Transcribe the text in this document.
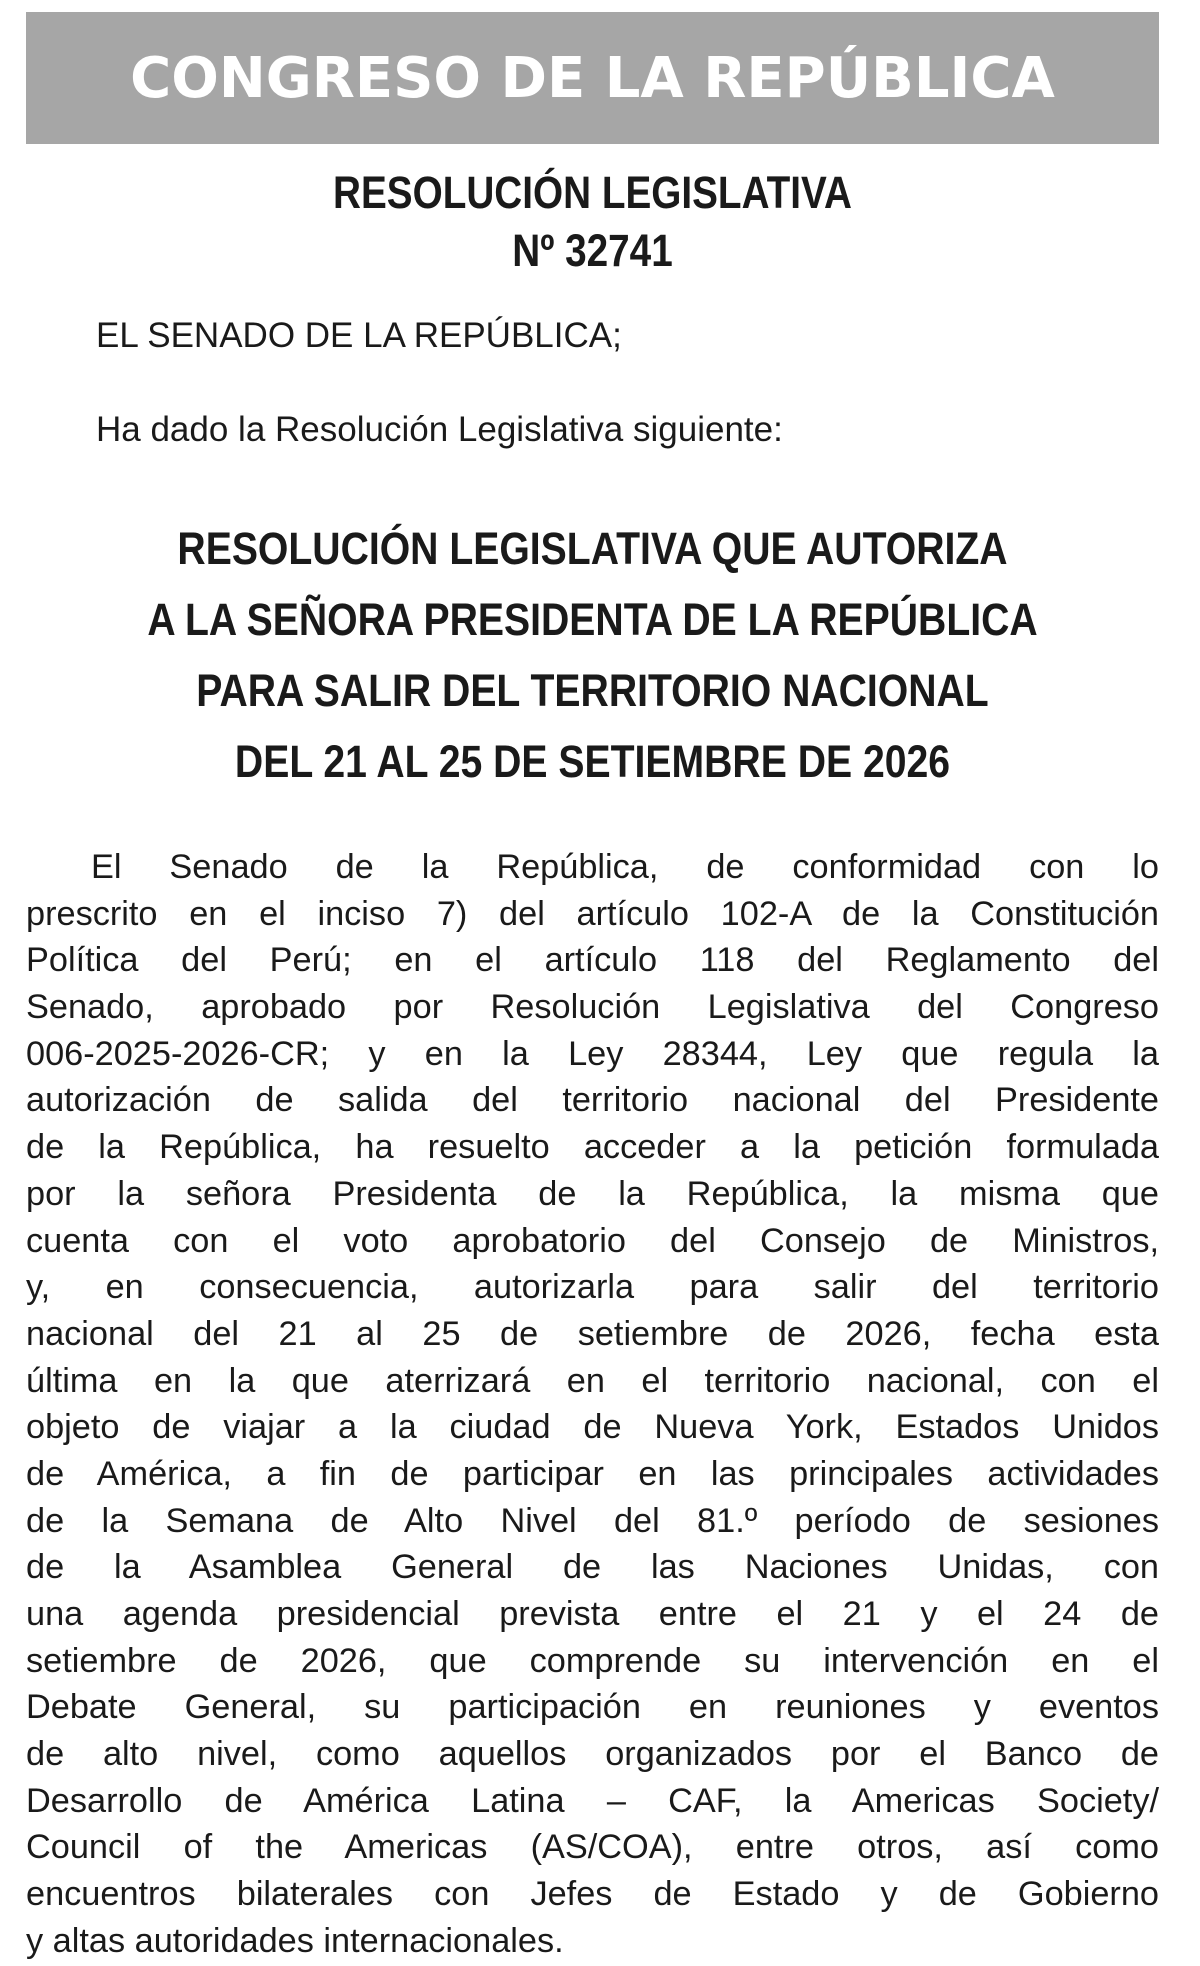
CONGRESO DE LA REPÚBLICA
RESOLUCIÓN LEGISLATIVA
Nº 32741

EL SENADO DE LA REPÚBLICA;

Ha dado la Resolución Legislativa siguiente:

RESOLUCIÓN LEGISLATIVA QUE AUTORIZA
A LA SEÑORA PRESIDENTA DE LA REPÚBLICA
PARA SALIR DEL TERRITORIO NACIONAL
DEL 21 AL 25 DE SETIEMBRE DE 2026
El Senado de la República, de conformidad con lo
prescrito en el inciso 7) del artículo 102-A de la Constitución
Política del Perú; en el artículo 118 del Reglamento del
Senado, aprobado por Resolución Legislativa del Congreso
006-2025-2026-CR; y en la Ley 28344, Ley que regula la
autorización de salida del territorio nacional del Presidente
de la República, ha resuelto acceder a la petición formulada
por la señora Presidenta de la República, la misma que
cuenta con el voto aprobatorio del Consejo de Ministros,
y, en consecuencia, autorizarla para salir del territorio
nacional del 21 al 25 de setiembre de 2026, fecha esta
última en la que aterrizará en el territorio nacional, con el
objeto de viajar a la ciudad de Nueva York, Estados Unidos
de América, a fin de participar en las principales actividades
de la Semana de Alto Nivel del 81.º período de sesiones
de la Asamblea General de las Naciones Unidas, con
una agenda presidencial prevista entre el 21 y el 24 de
setiembre de 2026, que comprende su intervención en el
Debate General, su participación en reuniones y eventos
de alto nivel, como aquellos organizados por el Banco de
Desarrollo de América Latina – CAF, la Americas Society/
Council of the Americas (AS/COA), entre otros, así como
encuentros bilaterales con Jefes de Estado y de Gobierno
y altas autoridades internacionales.
